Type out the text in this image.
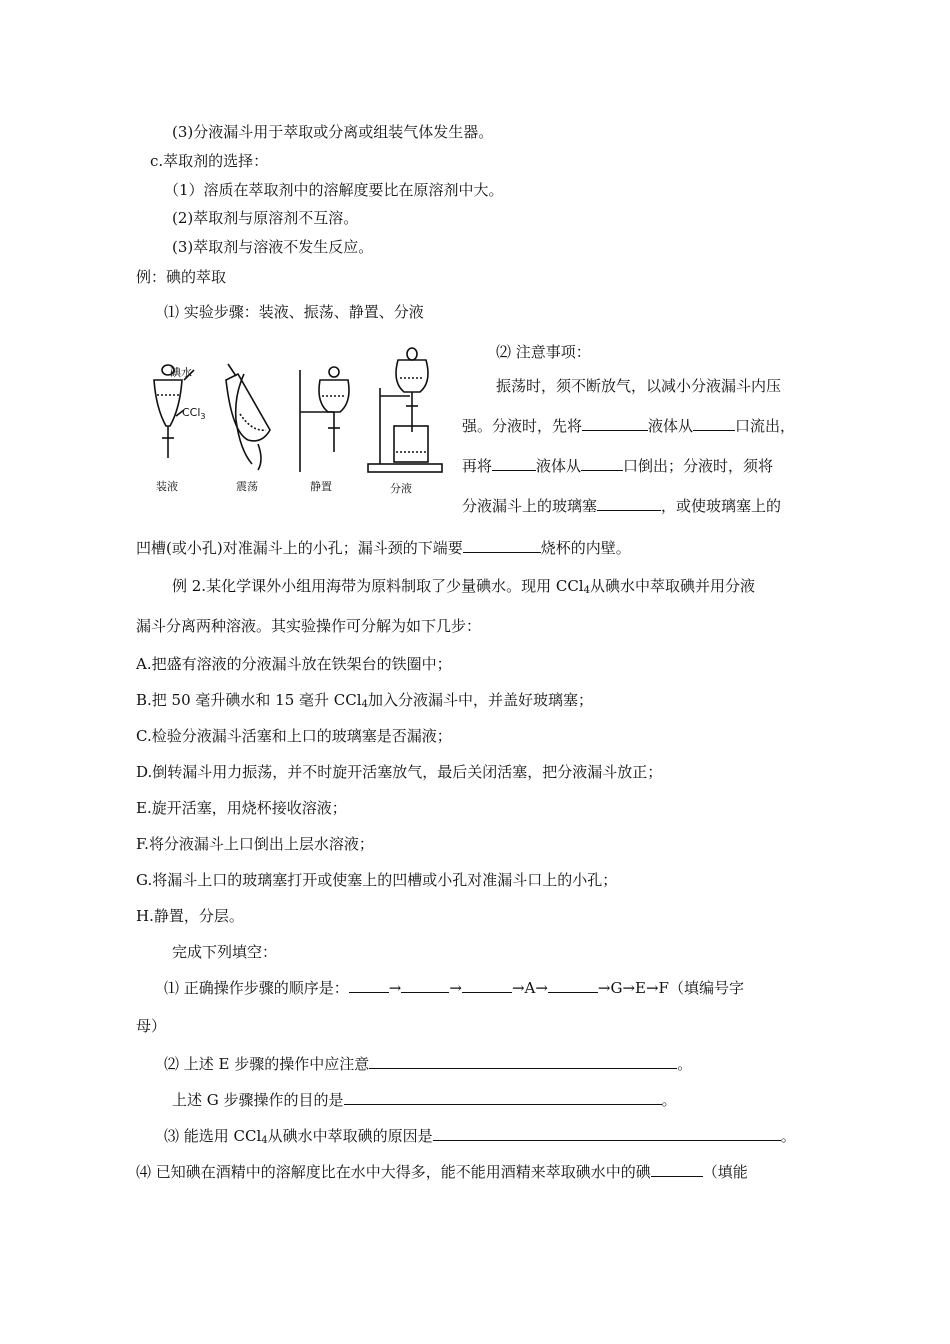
(3)分液漏斗用于萃取或分离或组装气体发生器。
c.萃取剂的选择：
（1）溶质在萃取剂中的溶解度要比在原溶剂中大。
(2)萃取剂与原溶剂不互溶。
(3)萃取剂与溶液不发生反应。
例：碘的萃取
⑴ 实验步骤：装液、振荡、静置、分液
碘水
CCl$_3$
装液	震荡	静置	分液
⑵ 注意事项：
振荡时，须不断放气，以减小分液漏斗内压
强。分液时，先将	液体从	口流出，
再将	液体从	口倒出；分液时，须将
分液漏斗上的玻璃塞	，或使玻璃塞上的
凹槽(或小孔)对准漏斗上的小孔；漏斗颈的下端要	烧杯的内壁。
例 2.某化学课外小组用海带为原料制取了少量碘水。现用 CCl$_4$从碘水中萃取碘并用分液
漏斗分离两种溶液。其实验操作可分解为如下几步：
A.把盛有溶液的分液漏斗放在铁架台的铁圈中；
B.把 50 毫升碘水和 15 毫升 CCl$_4$加入分液漏斗中，并盖好玻璃塞；
C.检验分液漏斗活塞和上口的玻璃塞是否漏液；
D.倒转漏斗用力振荡，并不时旋开活塞放气，最后关闭活塞，把分液漏斗放正；
E.旋开活塞，用烧杯接收溶液；
F.将分液漏斗上口倒出上层水溶液；
G.将漏斗上口的玻璃塞打开或使塞上的凹槽或小孔对准漏斗口上的小孔；
H.静置，分层。
完成下列填空：
⑴ 正确操作步骤的顺序是：	→	→	→A→	→G→E→F（填编号字
母）
⑵ 上述 E 步骤的操作中应注意	。
上述 G 步骤操作的目的是	。
⑶ 能选用 CCl$_4$从碘水中萃取碘的原因是	。
⑷ 已知碘在酒精中的溶解度比在水中大得多，能不能用酒精来萃取碘水中的碘	（填能
